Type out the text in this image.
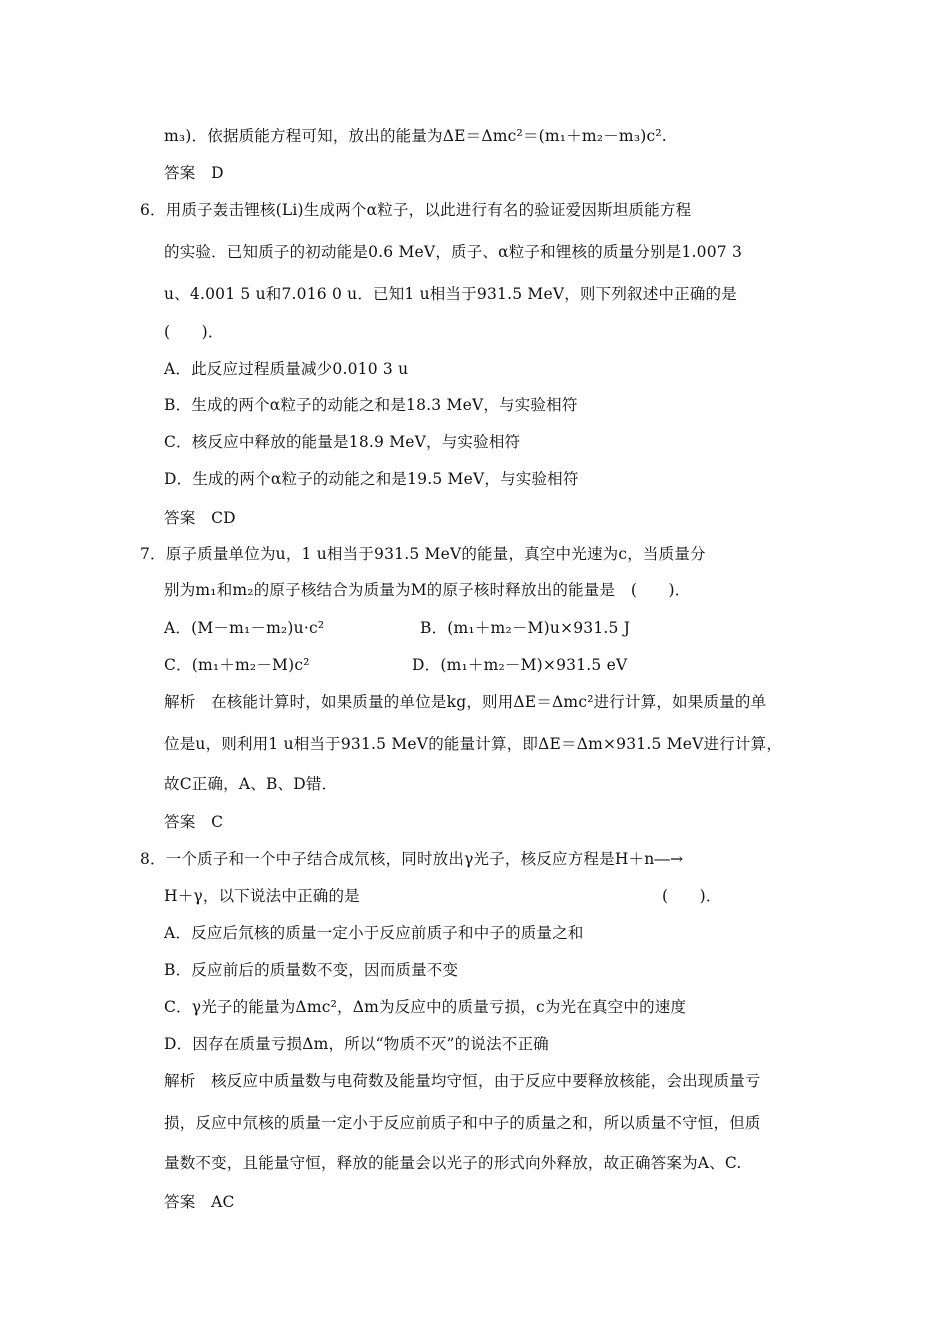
m₃)．依据质能方程可知，放出的能量为ΔE＝Δmc²＝(m₁＋m₂－m₃)c².
答案　D
6．用质子轰击锂核(Li)生成两个α粒子，以此进行有名的验证爱因斯坦质能方程
的实验．已知质子的初动能是0.6 MeV，质子、α粒子和锂核的质量分别是1.007 3
u、4.001 5 u和7.016 0 u．已知1 u相当于931.5 MeV，则下列叙述中正确的是
(　　)．
A．此反应过程质量减少0.010 3 u
B．生成的两个α粒子的动能之和是18.3 MeV，与实验相符
C．核反应中释放的能量是18.9 MeV，与实验相符
D．生成的两个α粒子的动能之和是19.5 MeV，与实验相符
答案　CD
7．原子质量单位为u，1 u相当于931.5 MeV的能量，真空中光速为c，当质量分
别为m₁和m₂的原子核结合为质量为M的原子核时释放出的能量是　(　　)．
A．(M－m₁－m₂)u·c²	B．(m₁＋m₂－M)u×931.5 J
C．(m₁＋m₂－M)c²	D．(m₁＋m₂－M)×931.5 eV
解析　在核能计算时，如果质量的单位是kg，则用ΔE＝Δmc²进行计算，如果质量的单
位是u，则利用1 u相当于931.5 MeV的能量计算，即ΔE＝Δm×931.5 MeV进行计算，
故C正确，A、B、D错．
答案　C
8．一个质子和一个中子结合成氘核，同时放出γ光子，核反应方程是H＋n―→
H＋γ，以下说法中正确的是	(　　)．
A．反应后氘核的质量一定小于反应前质子和中子的质量之和
B．反应前后的质量数不变，因而质量不变
C．γ光子的能量为Δmc²，Δm为反应中的质量亏损，c为光在真空中的速度
D．因存在质量亏损Δm，所以“物质不灭”的说法不正确
解析　核反应中质量数与电荷数及能量均守恒，由于反应中要释放核能，会出现质量亏
损，反应中氘核的质量一定小于反应前质子和中子的质量之和，所以质量不守恒，但质
量数不变，且能量守恒，释放的能量会以光子的形式向外释放，故正确答案为A、C.
答案　AC
